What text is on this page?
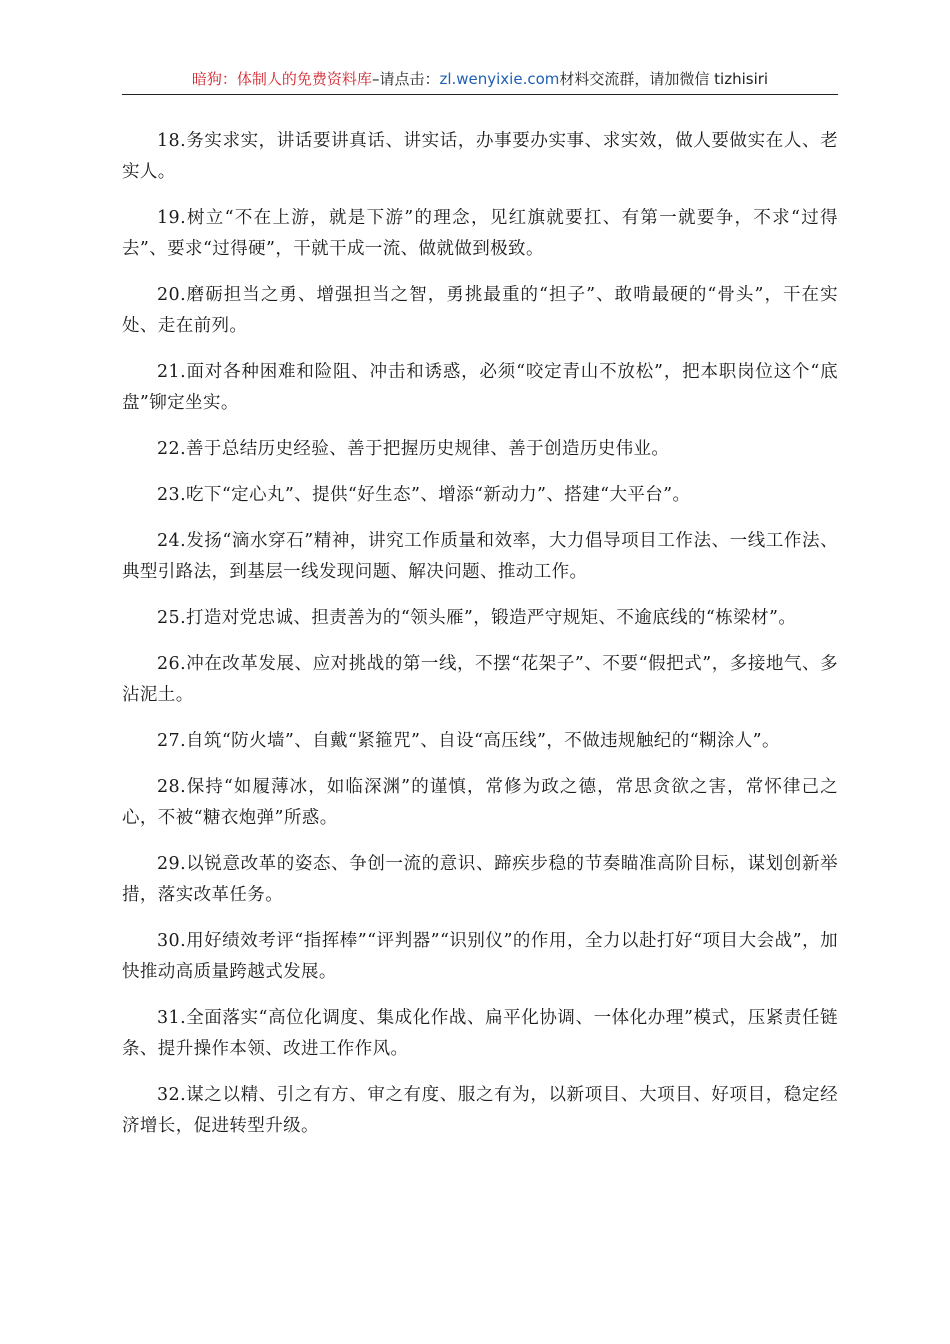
暗狗：体制人的免费资料库–请点击：zl.wenyixie.com材料交流群，请加微信 tizhisiri

18.务实求实，讲话要讲真话、讲实话，办事要办实事、求实效，做人要做实在人、老实人。

19.树立“不在上游，就是下游”的理念，见红旗就要扛、有第一就要争，不求“过得去”、要求“过得硬”，干就干成一流、做就做到极致。

20.磨砺担当之勇、增强担当之智，勇挑最重的“担子”、敢啃最硬的“骨头”，干在实处、走在前列。

21.面对各种困难和险阻、冲击和诱惑，必须“咬定青山不放松”，把本职岗位这个“底盘”铆定坐实。

22.善于总结历史经验、善于把握历史规律、善于创造历史伟业。

23.吃下“定心丸”、提供“好生态”、增添“新动力”、搭建“大平台”。

24.发扬“滴水穿石”精神，讲究工作质量和效率，大力倡导项目工作法、一线工作法、典型引路法，到基层一线发现问题、解决问题、推动工作。

25.打造对党忠诚、担责善为的“领头雁”，锻造严守规矩、不逾底线的“栋梁材”。

26.冲在改革发展、应对挑战的第一线，不摆“花架子”、不要“假把式”，多接地气、多沾泥土。

27.自筑“防火墙”、自戴“紧箍咒”、自设“高压线”，不做违规触纪的“糊涂人”。

28.保持“如履薄冰，如临深渊”的谨慎，常修为政之德，常思贪欲之害，常怀律己之心，不被“糖衣炮弹”所惑。

29.以锐意改革的姿态、争创一流的意识、蹄疾步稳的节奏瞄准高阶目标，谋划创新举措，落实改革任务。

30.用好绩效考评“指挥棒”“评判器”“识别仪”的作用，全力以赴打好“项目大会战”，加快推动高质量跨越式发展。

31.全面落实“高位化调度、集成化作战、扁平化协调、一体化办理”模式，压紧责任链条、提升操作本领、改进工作作风。

32.谋之以精、引之有方、审之有度、服之有为，以新项目、大项目、好项目，稳定经济增长，促进转型升级。
